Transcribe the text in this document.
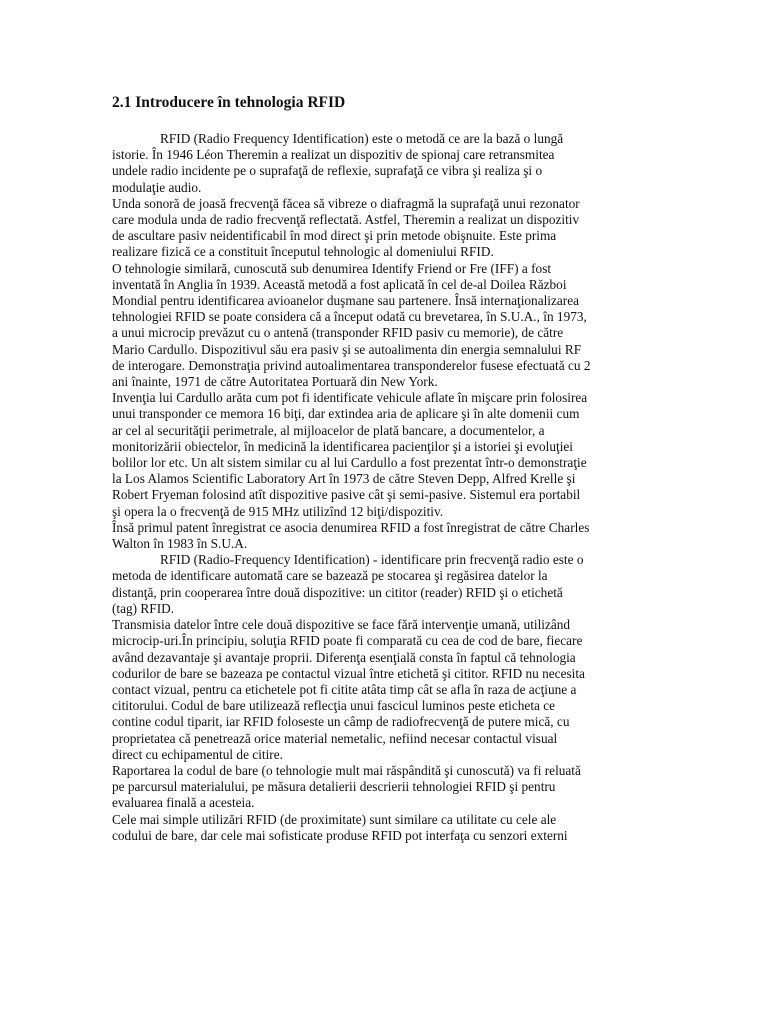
2.1 Introducere în tehnologia RFID

RFID (Radio Frequency Identification) este o metodă ce are la bază o lungă
istorie. În 1946 Léon Theremin a realizat un dispozitiv de spionaj care retransmitea
undele radio incidente pe o suprafaţă de reflexie, suprafaţă ce vibra şi realiza şi o
modulaţie audio.

Unda sonoră de joasă frecvenţă făcea să vibreze o diafragmă la suprafaţă unui rezonator
care modula unda de radio frecvenţă reflectată. Astfel, Theremin a realizat un dispozitiv
de ascultare pasiv neidentificabil în mod direct şi prin metode obişnuite. Este prima
realizare fizică ce a constituit începutul tehnologic al domeniului RFID.

O tehnologie similară, cunoscută sub denumirea Identify Friend or Fre (IFF) a fost
inventată în Anglia în 1939. Această metodă a fost aplicată în cel de-al Doilea Război
Mondial pentru identificarea avioanelor duşmane sau partenere. Însă internaţionalizarea
tehnologiei RFID se poate considera că a început odată cu brevetarea, în S.U.A., în 1973,
a unui microcip prevăzut cu o antenă (transponder RFID pasiv cu memorie), de către
Mario Cardullo. Dispozitivul său era pasiv şi se autoalimenta din energia semnalului RF
de interogare. Demonstraţia privind autoalimentarea transponderelor fusese efectuată cu 2
ani înainte, 1971 de către Autoritatea Portuară din New York.

Invenţia lui Cardullo arăta cum pot fi identificate vehicule aflate în mişcare prin folosirea
unui transponder ce memora 16 biţi, dar extindea aria de aplicare şi în alte domenii cum
ar cel al securităţii perimetrale, al mijloacelor de plată bancare, a documentelor, a
monitorizării obiectelor, în medicină la identificarea pacienţilor şi a istoriei şi evoluţiei
bolilor lor etc. Un alt sistem similar cu al lui Cardullo a fost prezentat într-o demonstraţie
la Los Alamos Scientific Laboratory Art în 1973 de către Steven Depp, Alfred Krelle şi
Robert Fryeman folosind atît dispozitive pasive cât şi semi-pasive. Sistemul era portabil
şi opera la o frecvenţă de 915 MHz utilizînd 12 biţi/dispozitiv.

Însă primul patent înregistrat ce asocia denumirea RFID a fost înregistrat de către Charles
Walton în 1983 în S.U.A.

RFID (Radio-Frequency Identification) - identificare prin frecvenţă radio este o
metoda de identificare automată care se bazează pe stocarea şi regăsirea datelor la
distanţă, prin cooperarea între două dispozitive: un cititor (reader) RFID şi o etichetă
(tag) RFID.

Transmisia datelor între cele două dispozitive se face fără intervenţie umană, utilizând
microcip-uri.În principiu, soluţia RFID poate fi comparată cu cea de cod de bare, fiecare
având dezavantaje şi avantaje proprii. Diferenţa esenţială consta în faptul că tehnologia
codurilor de bare se bazeaza pe contactul vizual între etichetă şi cititor. RFID nu necesita
contact vizual, pentru ca etichetele pot fi citite atâta timp cât se afla în raza de acţiune a
cititorului. Codul de bare utilizează reflecţia unui fascicul luminos peste eticheta ce
contine codul tiparit, iar RFID foloseste un câmp de radiofrecvenţă de putere mică, cu
proprietatea că penetrează orice material nemetalic, nefiind necesar contactul visual
direct cu echipamentul de citire.

Raportarea la codul de bare (o tehnologie mult mai răspândită şi cunoscută) va fi reluată
pe parcursul materialului, pe măsura detalierii descrierii tehnologiei RFID şi pentru
evaluarea finală a acesteia.

Cele mai simple utilizări RFID (de proximitate) sunt similare ca utilitate cu cele ale
codului de bare, dar cele mai sofisticate produse RFID pot interfaţa cu senzori externi
